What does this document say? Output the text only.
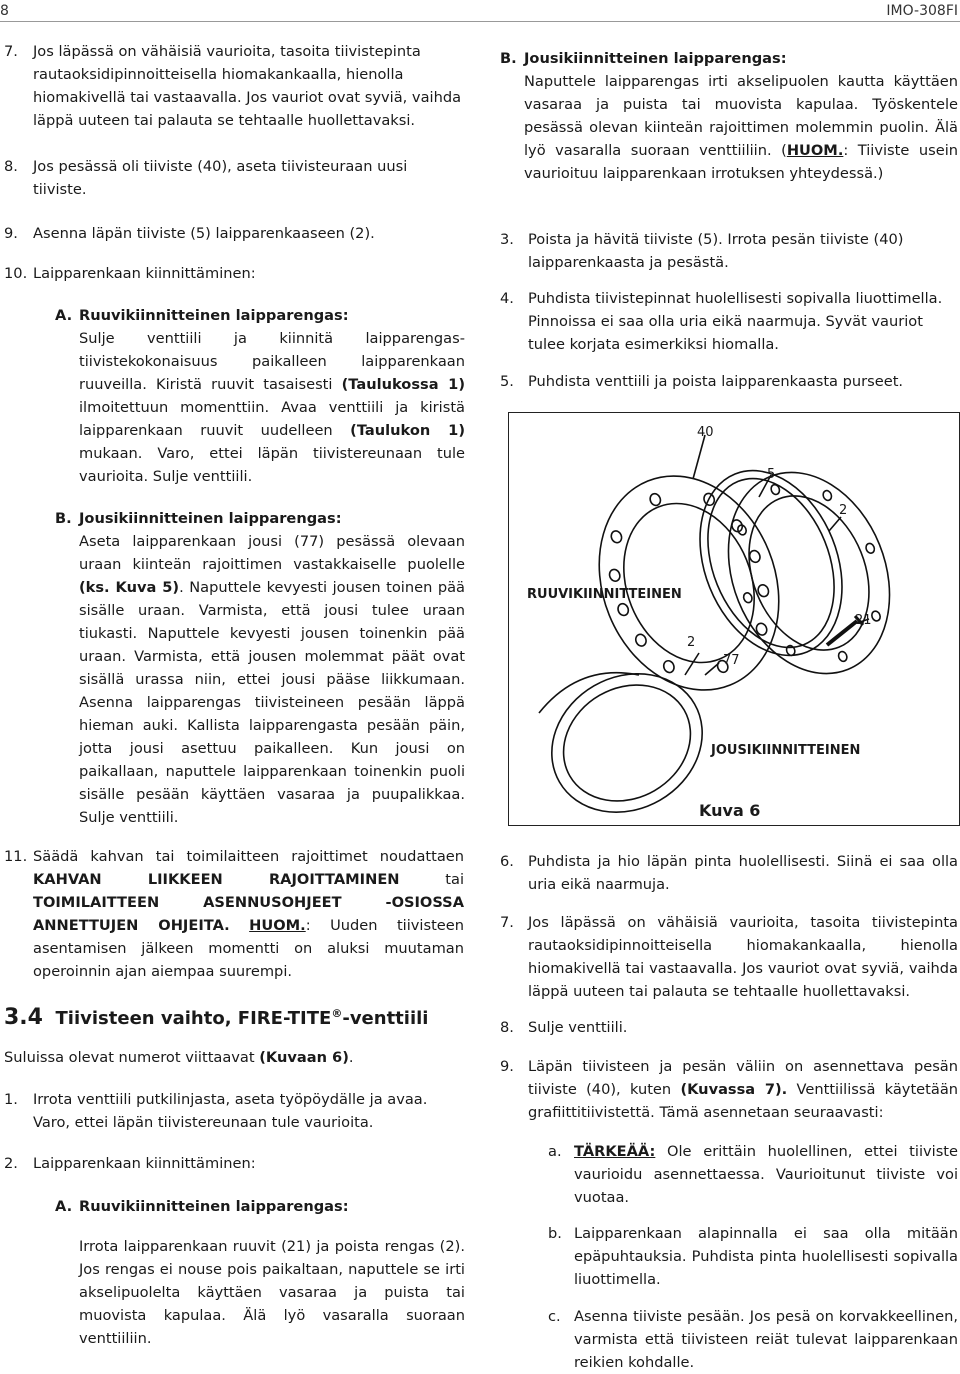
8	IMO-308FI
7. Jos läpässä on vähäisiä vaurioita, tasoita tiivistepinta rautaoksidipinnoitteisella hiomakankaalla, hienolla hiomakivellä tai vastaavalla. Jos vauriot ovat syviä, vaihda läppä uuteen tai palauta se tehtaalle huollettavaksi.

8. Jos pesässä oli tiiviste (40), aseta tiivisteuraan uusi tiiviste.

9. Asenna läpän tiiviste (5) laipparenkaaseen (2).

10. Laipparenkaan kiinnittäminen:

A. Ruuvikiinnitteinen laipparengas:

Sulje venttiili ja kiinnitä laipparengas-tiivistekokonaisuus paikalleen laipparenkaan ruuveilla. Kiristä ruuvit tasaisesti (Taulukossa 1) ilmoitettuun momenttiin. Avaa venttiili ja kiristä laipparenkaan ruuvit uudelleen (Taulukon 1) mukaan. Varo, ettei läpän tiivistereunaan tule vaurioita. Sulje venttiili.

B. Jousikiinnitteinen laipparengas:

Aseta laipparenkaan jousi (77) pesässä olevaan uraan kiinteän rajoittimen vastakkaiselle puolelle (ks. Kuva 5). Naputtele kevyesti jousen toinen pää sisälle uraan. Varmista, että jousi tulee uraan tiukasti. Naputtele kevyesti jousen toinenkin pää uraan. Varmista, että jousen molemmat päät ovat sisällä urassa niin, ettei jousi pääse liikkumaan. Asenna laipparengas tiivisteineen pesään läppä hieman auki. Kallista laipparengasta pesään päin, jotta jousi asettuu paikalleen. Kun jousi on paikallaan, naputtele laipparenkaan toinenkin puoli sisälle pesään käyttäen vasaraa ja puupalikkaa. Sulje venttiili.

11. Säädä kahvan tai toimilaitteen rajoittimet noudattaen KAHVAN LIIKKEEN RAJOITTAMINEN	tai TOIMILAITTEEN ASENNUSOHJEET -OSIOSSA ANNETTUJEN OHJEITA. HUOM.: Uuden tiivisteen asentamisen jälkeen momentti on aluksi muutaman operoinnin ajan aiempaa suurempi.

3.4 Tiivisteen vaihto, FIRE-TITE®-venttiili

Suluissa olevat numerot viittaavat (Kuvaan 6).

1. Irrota venttiili putkilinjasta, aseta työpöydälle ja avaa. Varo, ettei läpän tiivistereunaan tule vaurioita.

2. Laipparenkaan kiinnittäminen:

A. Ruuvikiinnitteinen laipparengas:

Irrota laipparenkaan ruuvit (21) ja poista rengas (2). Jos rengas ei nouse pois paikaltaan, naputtele se irti akselipuolelta käyttäen vasaraa ja puista tai muovista kapulaa. Älä lyö vasaralla suoraan venttiiliin.

B. Jousikiinnitteinen laipparengas:

Naputtele laipparengas irti akselipuolen kautta käyttäen vasaraa ja puista tai muovista kapulaa. Työskentele pesässä olevan kiinteän rajoittimen molemmin puolin. Älä lyö vasaralla suoraan venttiiliin. (HUOM.: Tiiviste usein vaurioituu laipparenkaan irrotuksen yhteydessä.)

3. Poista ja hävitä tiiviste (5). Irrota pesän tiiviste (40) laipparenkaasta ja pesästä.

4. Puhdista tiivistepinnat huolellisesti sopivalla liuottimella. Pinnoissa ei saa olla uria eikä naarmuja. Syvät vauriot tulee korjata esimerkiksi hiomalla.

5. Puhdista venttiili ja poista laipparenkaasta purseet.

40
5
2
RUUVIKIINNITTEINEN
21
2
77
JOUSIKIINNITTEINEN
Kuva 6
6. Puhdista ja hio läpän pinta huolellisesti. Siinä ei saa olla uria eikä naarmuja.

7. Jos läpässä on vähäisiä vaurioita, tasoita tiivistepinta rautaoksidipinnoitteisella hiomakankaalla, hienolla hiomakivellä tai vastaavalla. Jos vauriot ovat syviä, vaihda läppä uuteen tai palauta se tehtaalle huollettavaksi.

8. Sulje venttiili.

9. Läpän tiivisteen ja pesän väliin on asennettava pesän tiiviste (40), kuten (Kuvassa 7). Venttiilissä käytetään grafiittitiivistettä. Tämä asennetaan seuraavasti:

a. TÄRKEÄÄ: Ole erittäin huolellinen, ettei tiiviste vaurioidu asennettaessa. Vaurioitunut tiiviste voi vuotaa.

b. Laipparenkaan alapinnalla ei saa olla mitään epäpuhtauksia. Puhdista pinta huolellisesti sopivalla liuottimella.

c. Asenna tiiviste pesään. Jos pesä on korvakkeellinen, varmista että tiivisteen reiät tulevat laipparenkaan reikien kohdalle.
